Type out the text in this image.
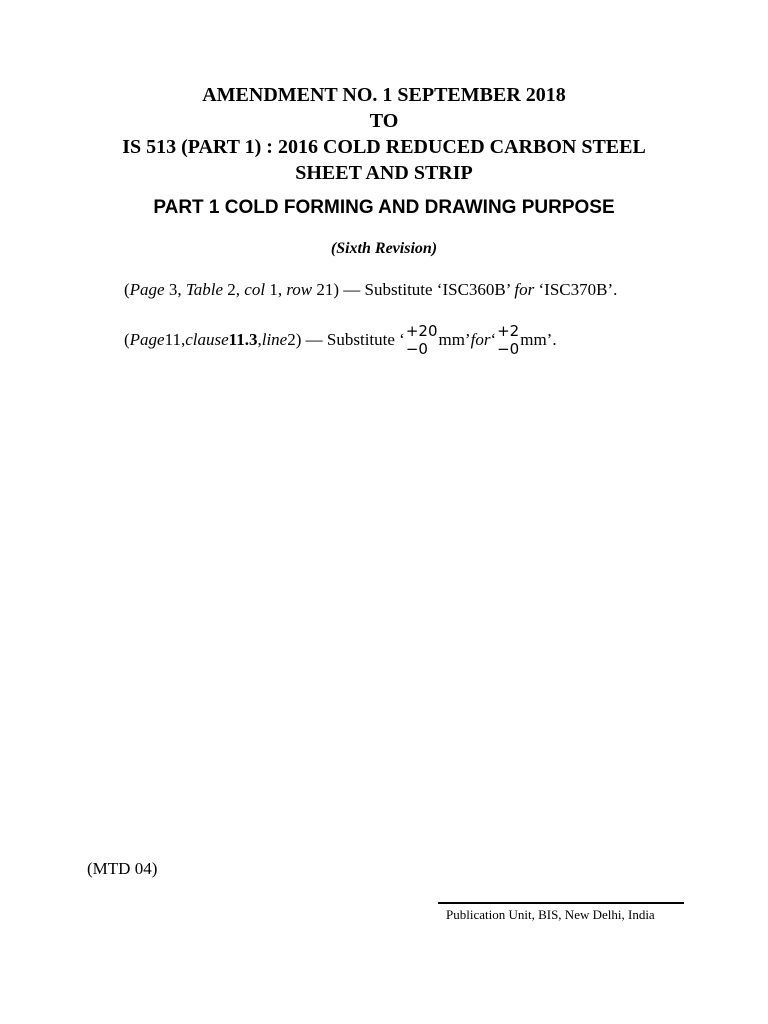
AMENDMENT NO. 1 SEPTEMBER 2018
TO
IS 513 (PART 1) : 2016 COLD REDUCED CARBON STEEL
SHEET AND STRIP
PART 1 COLD FORMING AND DRAWING PURPOSE
(Sixth Revision)
(Page 3, Table 2, col 1, row 21) — Substitute ‘ISC360B’ for ‘ISC370B’.
( Page 11, clause 11.3 , line 2) — Substitute ‘ +20
−0 mm’ for ‘ +2
−0 mm’.
(MTD 04)
Publication Unit, BIS, New Delhi, India
